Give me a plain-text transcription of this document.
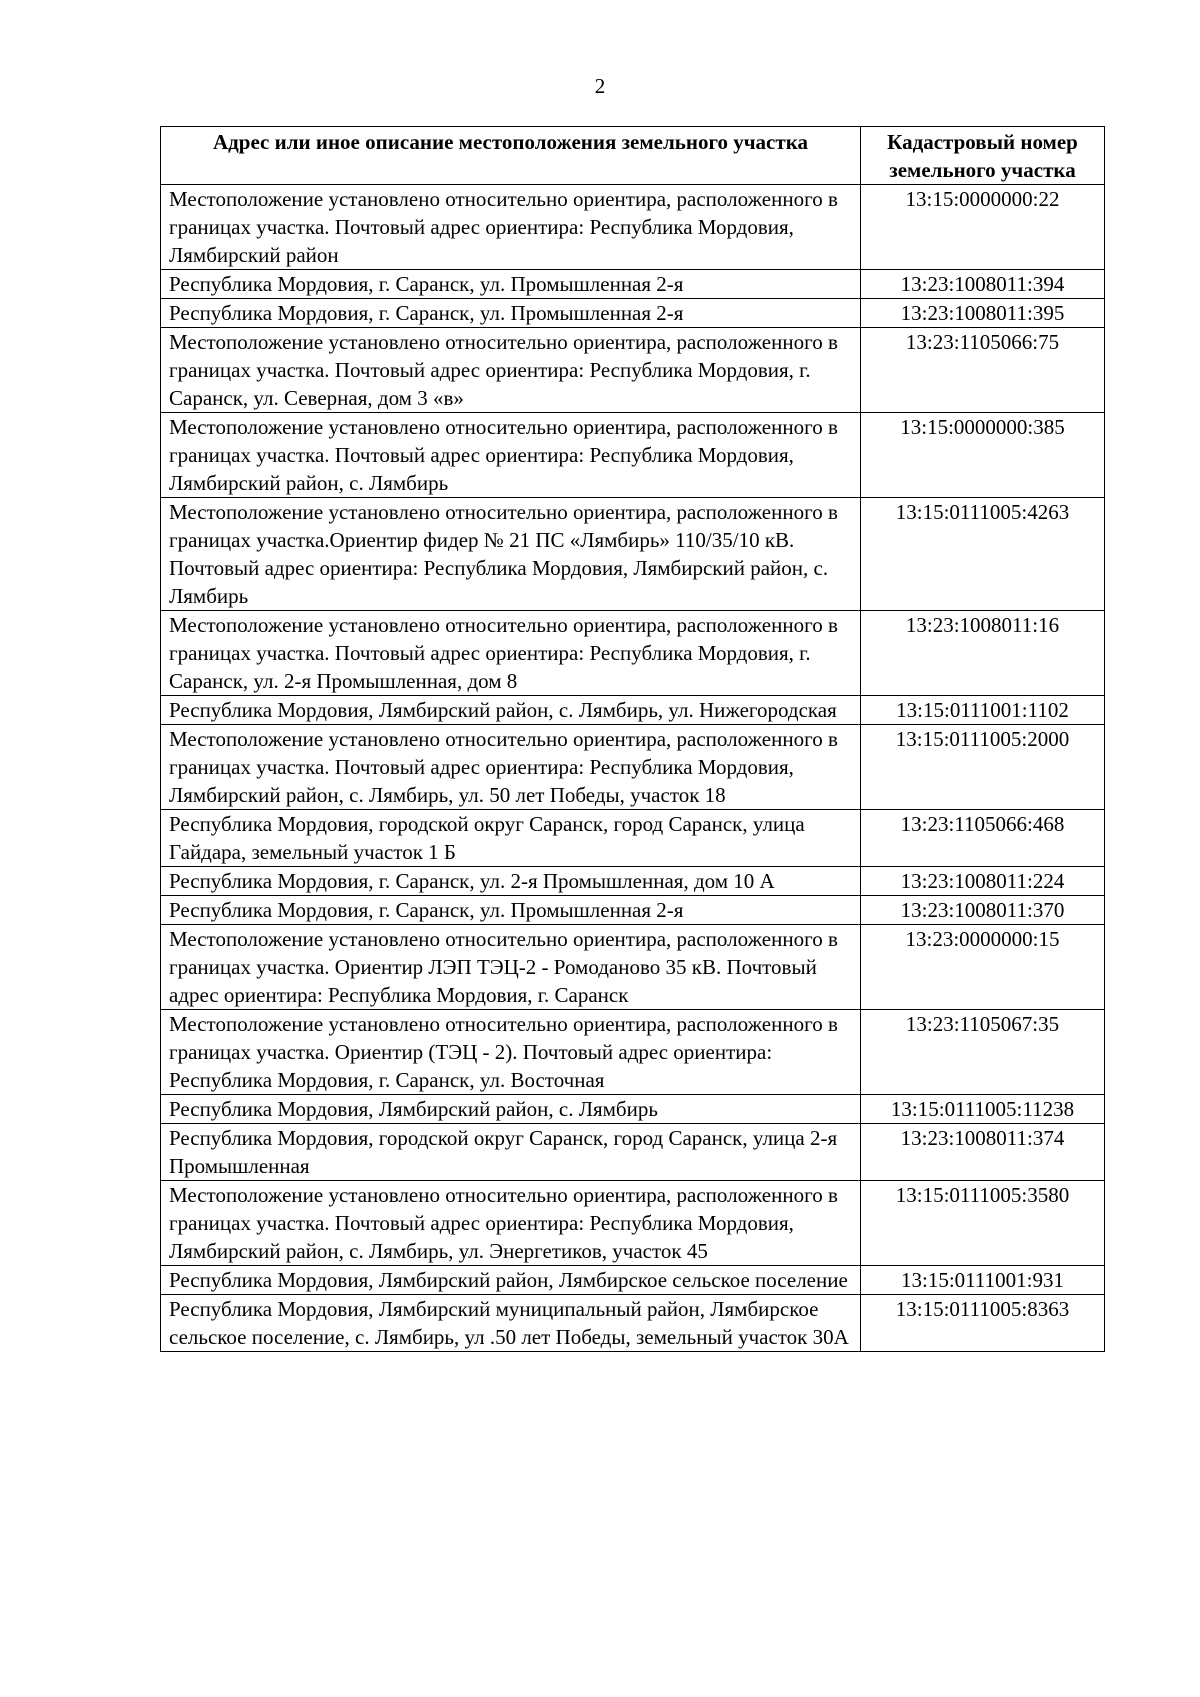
2
Адрес или иное описание местоположения земельного участка	Кадастровый номер земельного участка
Местоположение установлено относительно ориентира, расположенного в границах участка. Почтовый адрес ориентира: Республика Мордовия, Лямбирский район	13:15:0000000:22
Республика Мордовия, г. Саранск, ул. Промышленная 2-я	13:23:1008011:394
Республика Мордовия, г. Саранск, ул. Промышленная 2-я	13:23:1008011:395
Местоположение установлено относительно ориентира, расположенного в границах участка. Почтовый адрес ориентира: Республика Мордовия, г. Саранск, ул. Северная, дом 3 «в»	13:23:1105066:75
Местоположение установлено относительно ориентира, расположенного в границах участка. Почтовый адрес ориентира: Республика Мордовия, Лямбирский район, с. Лямбирь	13:15:0000000:385
Местоположение установлено относительно ориентира, расположенного в границах участка.Ориентир фидер № 21 ПС «Лямбирь» 110/35/10 кВ. Почтовый адрес ориентира: Республика Мордовия, Лямбирский район, с. Лямбирь	13:15:0111005:4263
Местоположение установлено относительно ориентира, расположенного в границах участка. Почтовый адрес ориентира: Республика Мордовия, г. Саранск, ул. 2-я Промышленная, дом 8	13:23:1008011:16
Республика Мордовия, Лямбирский район, с. Лямбирь, ул. Нижегородская	13:15:0111001:1102
Местоположение установлено относительно ориентира, расположенного в границах участка. Почтовый адрес ориентира: Республика Мордовия, Лямбирский район, с. Лямбирь, ул. 50 лет Победы, участок 18	13:15:0111005:2000
Республика Мордовия, городской округ Саранск, город Саранск, улица Гайдара, земельный участок 1 Б	13:23:1105066:468
Республика Мордовия, г. Саранск, ул. 2-я Промышленная, дом 10 А	13:23:1008011:224
Республика Мордовия, г. Саранск, ул. Промышленная 2-я	13:23:1008011:370
Местоположение установлено относительно ориентира, расположенного в границах участка. Ориентир ЛЭП ТЭЦ-2 - Ромоданово 35 кВ. Почтовый адрес ориентира: Республика Мордовия, г. Саранск	13:23:0000000:15
Местоположение установлено относительно ориентира, расположенного в границах участка. Ориентир (ТЭЦ - 2). Почтовый адрес ориентира: Республика Мордовия, г. Саранск, ул. Восточная	13:23:1105067:35
Республика Мордовия, Лямбирский район, с. Лямбирь	13:15:0111005:11238
Республика Мордовия, городской округ Саранск, город Саранск, улица 2-я Промышленная	13:23:1008011:374
Местоположение установлено относительно ориентира, расположенного в границах участка. Почтовый адрес ориентира: Республика Мордовия, Лямбирский район, с. Лямбирь, ул. Энергетиков, участок 45	13:15:0111005:3580
Республика Мордовия, Лямбирский район, Лямбирское сельское поселение	13:15:0111001:931
Республика Мордовия, Лямбирский муниципальный район, Лямбирское сельское поселение, с. Лямбирь, ул .50 лет Победы, земельный участок 30А	13:15:0111005:8363
